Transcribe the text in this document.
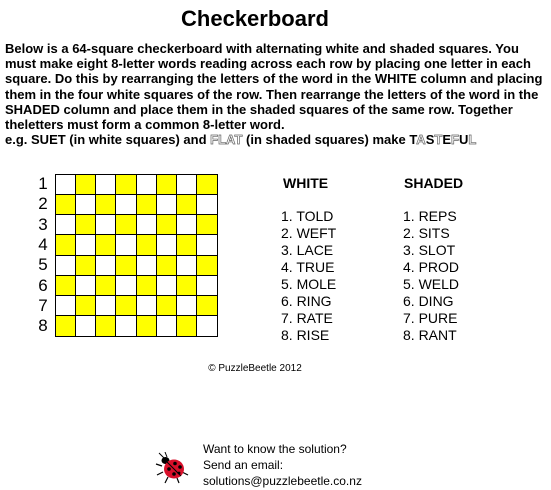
Checkerboard

Below is a 64-square checkerboard with alternating white and shaded squares. You must make eight 8-letter words reading across each row by placing one letter in each square. Do this by rearranging the letters of the word in the WHITE column and placing them in the four white squares of the row. Then rearrange the letters of the word in the SHADED column and place them in the shaded squares of the same row. Together theletters must form a common 8-letter word.

e.g. SUET (in white squares) and FLAT (in shaded squares) make TASTEFUL

1
2
3
4
5
6
7
8
WHITE
1. TOLD
2. WEFT
3. LACE
4. TRUE
5. MOLE
6. RING
7. RATE
8. RISE
SHADED
1. REPS
2. SITS
3. SLOT
4. PROD
5. WELD
6. DING
7. PURE
8. RANT
© PuzzleBeetle 2012
Want to know the solution?
Send an email:
solutions@puzzlebeetle.co.nz
